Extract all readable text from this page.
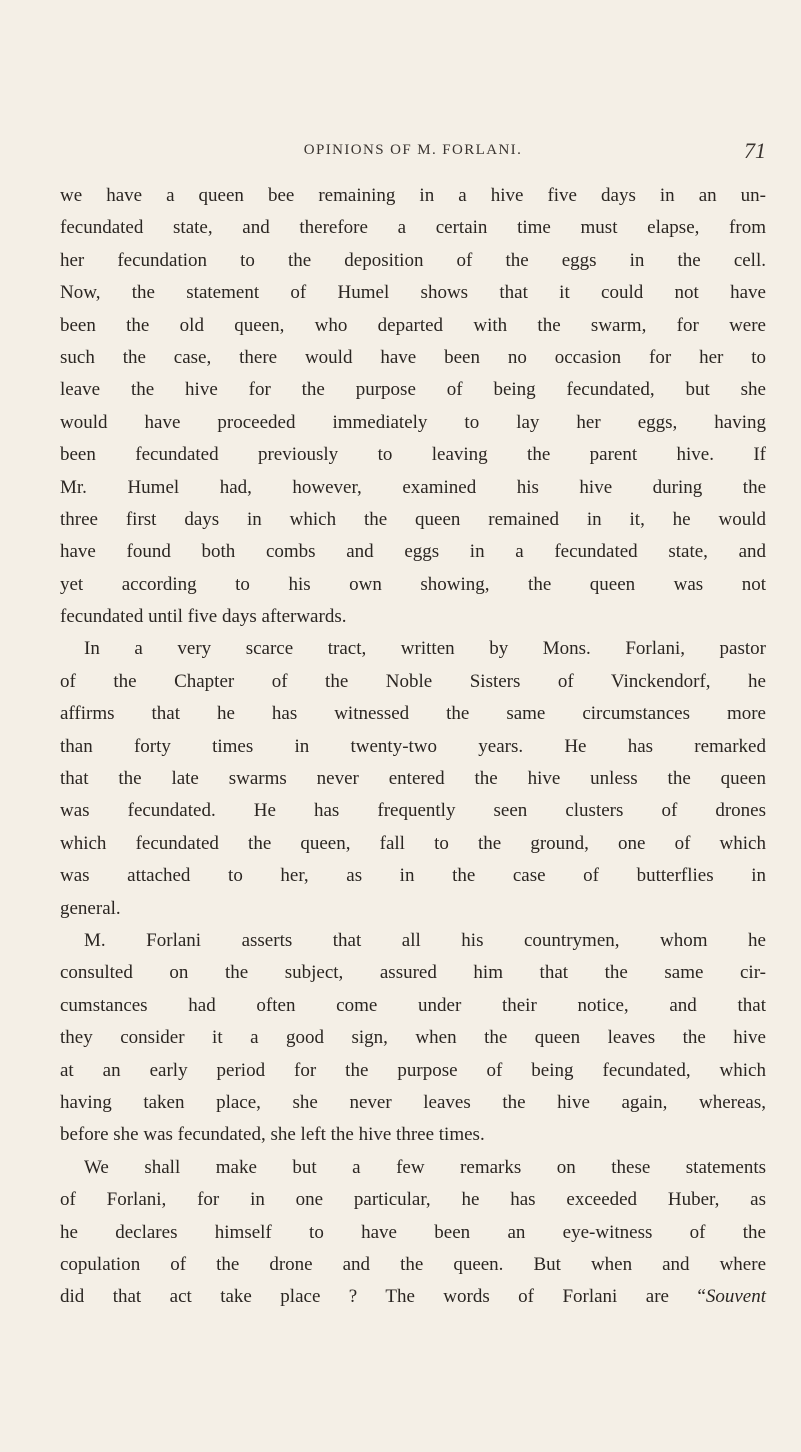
OPINIONS OF M. FORLANI.	71
we have a queen bee remaining in a hive five days in an un-
fecundated state, and therefore a certain time must elapse, from
her fecundation to the deposition of the eggs in the cell.
Now, the statement of Humel shows that it could not have
been the old queen, who departed with the swarm, for were
such the case, there would have been no occasion for her to
leave the hive for the purpose of being fecundated, but she
would have proceeded immediately to lay her eggs, having
been fecundated previously to leaving the parent hive. If
Mr. Humel had, however, examined his hive during the
three first days in which the queen remained in it, he would
have found both combs and eggs in a fecundated state, and
yet according to his own showing, the queen was not
fecundated until five days afterwards.
In a very scarce tract, written by Mons. Forlani, pastor
of the Chapter of the Noble Sisters of Vinckendorf, he
affirms that he has witnessed the same circumstances more
than forty times in twenty-two years. He has remarked
that the late swarms never entered the hive unless the queen
was fecundated. He has frequently seen clusters of drones
which fecundated the queen, fall to the ground, one of which
was attached to her, as in the case of butterflies in
general.
M. Forlani asserts that all his countrymen, whom he
consulted on the subject, assured him that the same cir-
cumstances had often come under their notice, and that
they consider it a good sign, when the queen leaves the hive
at an early period for the purpose of being fecundated, which
having taken place, she never leaves the hive again, whereas,
before she was fecundated, she left the hive three times.
We shall make but a few remarks on these statements
of Forlani, for in one particular, he has exceeded Huber, as
he declares himself to have been an eye-witness of the
copulation of the drone and the queen. But when and where
did that act take place ? The words of Forlani are “Souvent
